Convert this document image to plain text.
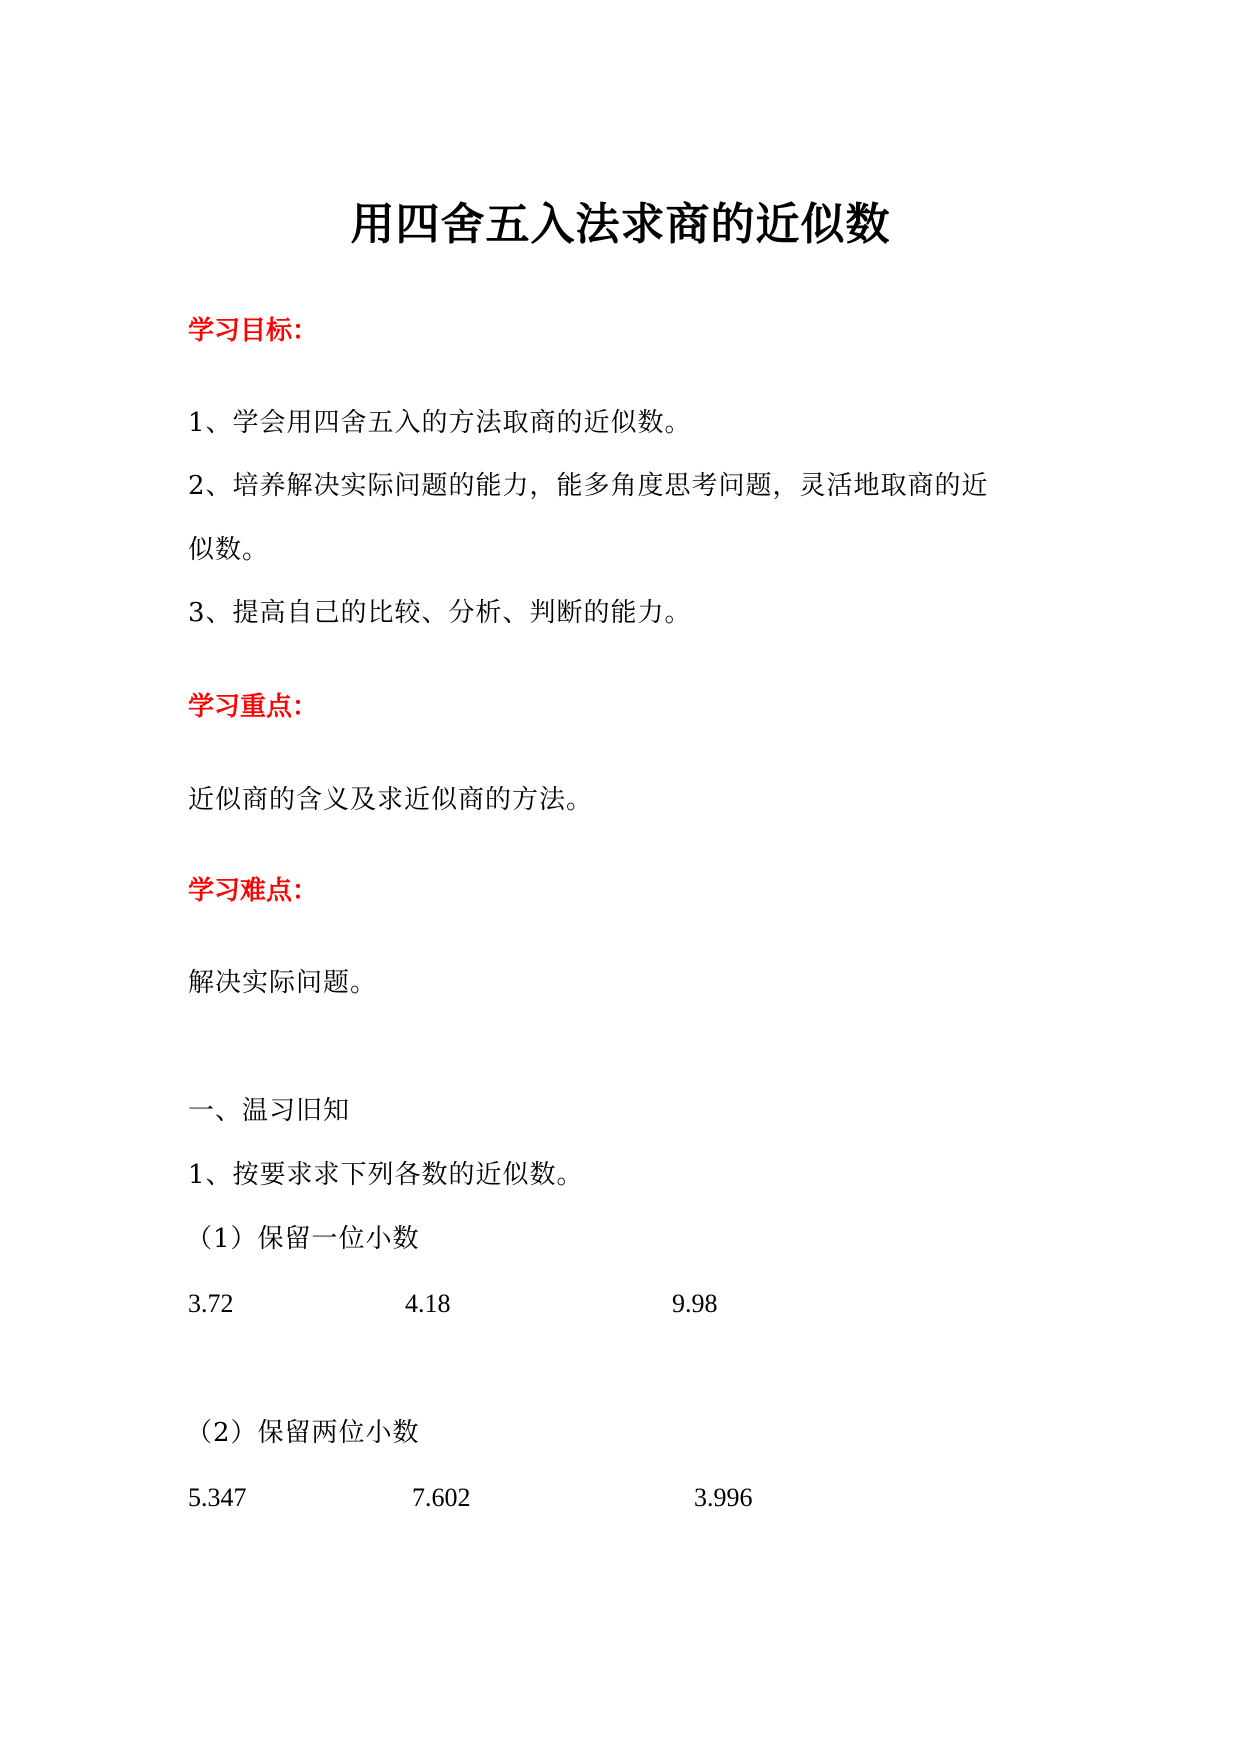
用四舍五入法求商的近似数
学习目标：
1、学会用四舍五入的方法取商的近似数。
2、培养解决实际问题的能力，能多角度思考问题，灵活地取商的近
似数。
3、提高自己的比较、分析、判断的能力。
学习重点：
近似商的含义及求近似商的方法。
学习难点：
解决实际问题。
一、温习旧知
1、按要求求下列各数的近似数。
（1）保留一位小数
3.72	4.18	9.98
（2）保留两位小数
5.347	7.602	3.996
